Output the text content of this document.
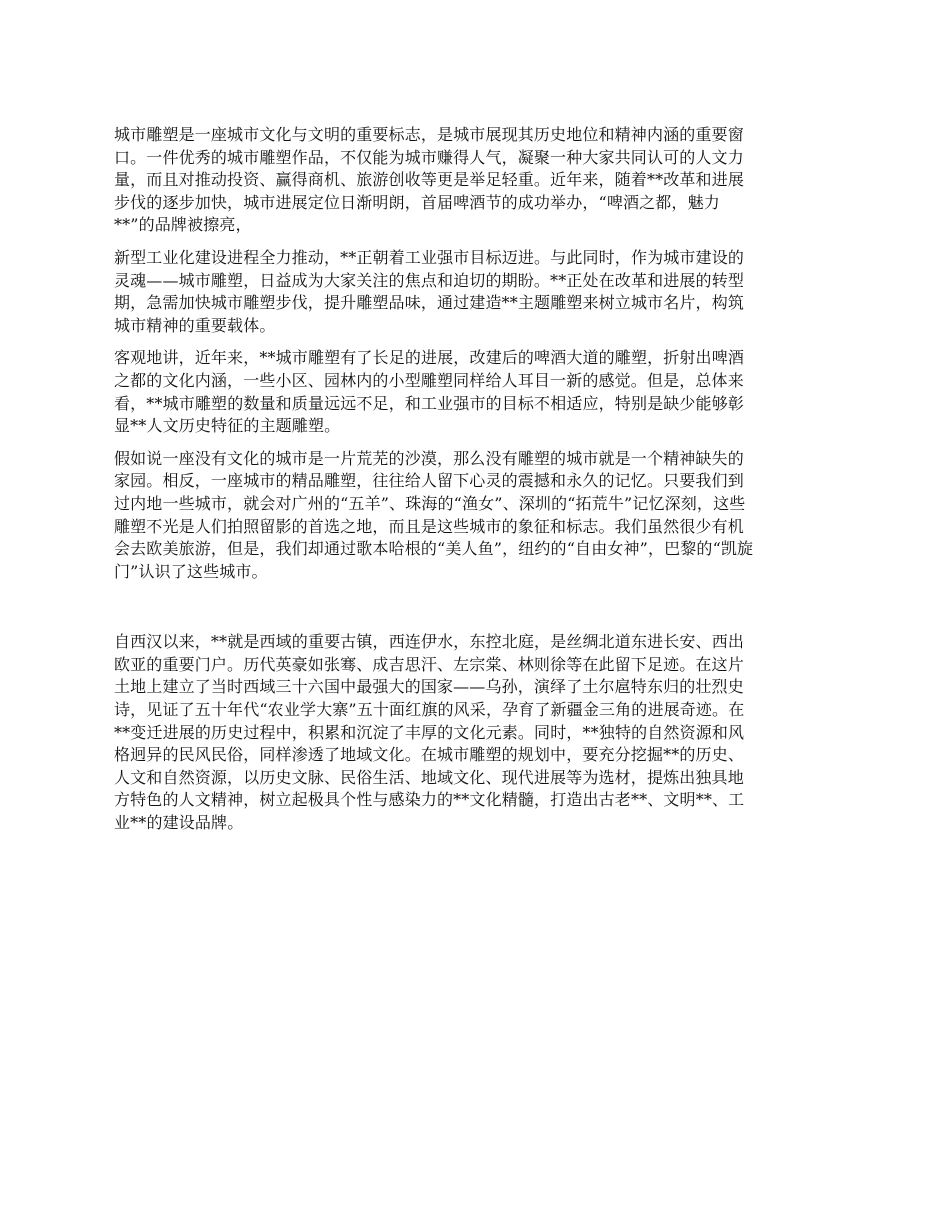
城市雕塑是一座城市文化与文明的重要标志，是城市展现其历史地位和精神内涵的重要窗
口。一件优秀的城市雕塑作品，不仅能为城市赚得人气，凝聚一种大家共同认可的人文力
量，而且对推动投资、赢得商机、旅游创收等更是举足轻重。近年来，随着**改革和进展
步伐的逐步加快，城市进展定位日渐明朗，首届啤酒节的成功举办，“啤酒之都，魅力
**”的品牌被擦亮，
新型工业化建设进程全力推动，**正朝着工业强市目标迈进。与此同时，作为城市建设的
灵魂——城市雕塑，日益成为大家关注的焦点和迫切的期盼。**正处在改革和进展的转型
期，急需加快城市雕塑步伐，提升雕塑品味，通过建造**主题雕塑来树立城市名片，构筑
城市精神的重要载体。
客观地讲，近年来，**城市雕塑有了长足的进展，改建后的啤酒大道的雕塑，折射出啤酒
之都的文化内涵，一些小区、园林内的小型雕塑同样给人耳目一新的感觉。但是，总体来
看，**城市雕塑的数量和质量远远不足，和工业强市的目标不相适应，特别是缺少能够彰
显**人文历史特征的主题雕塑。
假如说一座没有文化的城市是一片荒芜的沙漠，那么没有雕塑的城市就是一个精神缺失的
家园。相反，一座城市的精品雕塑，往往给人留下心灵的震撼和永久的记忆。只要我们到
过内地一些城市，就会对广州的“五羊”、珠海的“渔女”、深圳的“拓荒牛”记忆深刻，这些
雕塑不光是人们拍照留影的首选之地，而且是这些城市的象征和标志。我们虽然很少有机
会去欧美旅游，但是，我们却通过歌本哈根的“美人鱼”，纽约的“自由女神”，巴黎的“凯旋
门”认识了这些城市。
自西汉以来，**就是西域的重要古镇，西连伊水，东控北庭，是丝绸北道东进长安、西出
欧亚的重要门户。历代英豪如张骞、成吉思汗、左宗棠、林则徐等在此留下足迹。在这片
土地上建立了当时西域三十六国中最强大的国家——乌孙，演绎了土尔扈特东归的壮烈史
诗，见证了五十年代“农业学大寨”五十面红旗的风采，孕育了新疆金三角的进展奇迹。在
**变迁进展的历史过程中，积累和沉淀了丰厚的文化元素。同时，**独特的自然资源和风
格迥异的民风民俗，同样渗透了地域文化。在城市雕塑的规划中，要充分挖掘**的历史、
人文和自然资源，以历史文脉、民俗生活、地域文化、现代进展等为选材，提炼出独具地
方特色的人文精神，树立起极具个性与感染力的**文化精髓，打造出古老**、文明**、工
业**的建设品牌。
